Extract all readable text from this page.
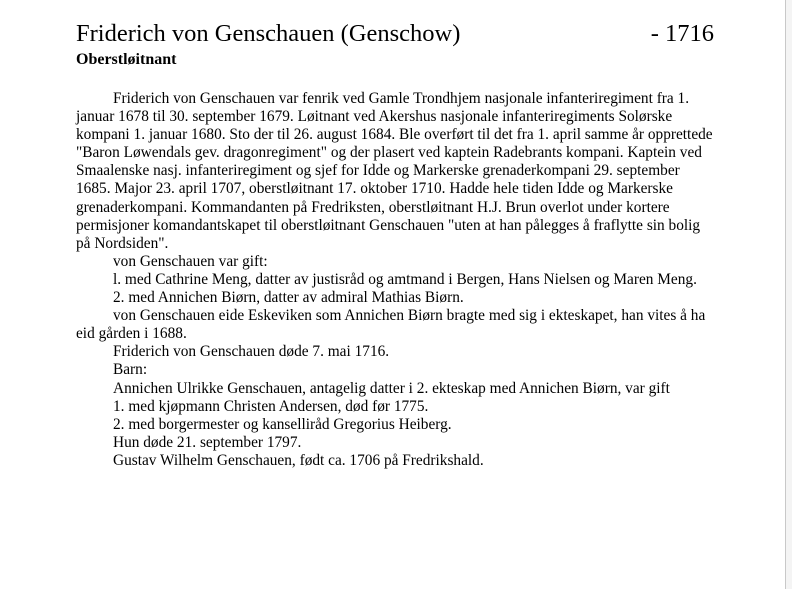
Friderich von Genschauen (Genschow)	- 1716
Oberstløitnant

Friderich von Genschauen var fenrik ved Gamle Trondhjem nasjonale infanteriregiment fra 1. januar 1678 til 30. september 1679. Løitnant ved Akershus nasjonale infanteriregiments Solørske kompani 1. januar 1680. Sto der til 26. august 1684. Ble overført til det fra 1. april samme år opprettede "Baron Løwendals gev. dragonregiment" og der plasert ved kaptein Radebrants kompani. Kaptein ved Smaalenske nasj. infanteriregiment og sjef for Idde og Markerske grenaderkompani 29. september 1685. Major 23. april 1707, oberstløitnant 17. oktober 1710. Hadde hele tiden Idde og Markerske grenaderkompani. Kommandanten på Fredriksten, oberstløitnant H.J. Brun overlot under kortere permisjoner komandantskapet til oberstløitnant Genschauen "uten at han pålegges å fraflytte sin bolig på Nordsiden".

von Genschauen var gift:

l. med Cathrine Meng, datter av justisråd og amtmand i Bergen, Hans Nielsen og Maren Meng.

2. med Annichen Biørn, datter av admiral Mathias Biørn.

von Genschauen eide Eskeviken som Annichen Biørn bragte med sig i ekteskapet, han vites å ha eid gården i 1688.

Friderich von Genschauen døde 7. mai 1716.

Barn:

Annichen Ulrikke Genschauen, antagelig datter i 2. ekteskap med Annichen Biørn, var gift

1. med kjøpmann Christen Andersen, død før 1775.

2. med borgermester og kanselliråd Gregorius Heiberg.

Hun døde 21. september 1797.

Gustav Wilhelm Genschauen, født ca. 1706 på Fredrikshald.
